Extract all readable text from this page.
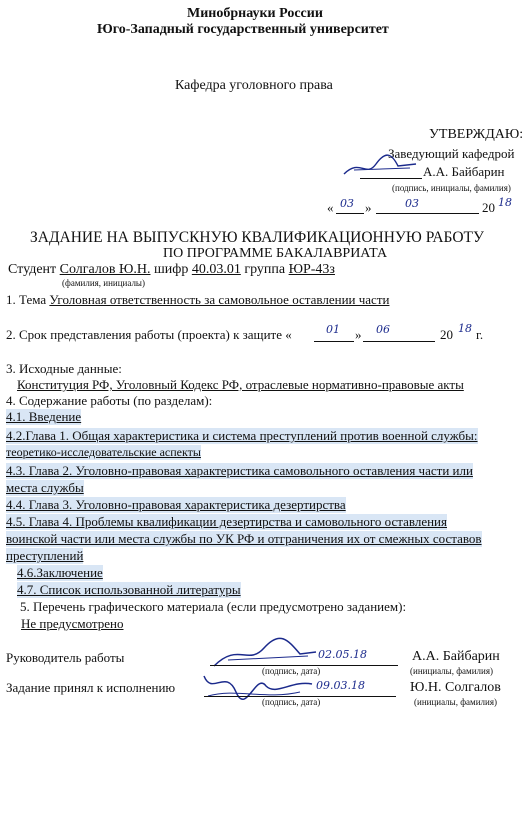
Минобрнауки России
Юго-Западный государственный университет
Кафедра уголовного права
УТВЕРЖДАЮ:
Заведующий кафедрой
А.А. Байбарин
(подпись, инициалы, фамилия)
« 03 »	03	20 18
ЗАДАНИЕ НА ВЫПУСКНУЮ КВАЛИФИКАЦИОННУЮ РАБОТУ
ПО ПРОГРАММЕ БАКАЛАВРИАТА
Студент Солгалов Ю.Н. шифр 40.03.01 группа ЮР-43з
(фамилия, инициалы)
1. Тема Уголовная ответственность за самовольное оставлении части
2. Срок представления работы (проекта) к защите «	01 » 06	20 18 г.
3. Исходные данные:
Конституция РФ, Уголовный Кодекс РФ, отраслевые нормативно-правовые акты
4. Содержание работы (по разделам):
4.1. Введение
4.2.Глава 1. Общая характеристика и система преступлений против военной службы:
теоретико-исследовательские аспекты
4.3. Глава 2. Уголовно-правовая характеристика самовольного оставления части или
места службы
4.4. Глава 3. Уголовно-правовая характеристика дезертирства
4.5. Глава 4. Проблемы квалификации дезертирства и самовольного оставления
воинской части или места службы по УК РФ и отграничения их от смежных составов
преступлений
4.6.Заключение
4.7. Список использованной литературы
5. Перечень графического материала (если предусмотрено заданием):
Не предусмотрено
Руководитель работы	02.05.18
(подпись, дата)
А.А. Байбарин
(инициалы, фамилия)
Задание принял к исполнению	09.03.18
(подпись, дата)
Ю.Н. Солгалов
(инициалы, фамилия)
